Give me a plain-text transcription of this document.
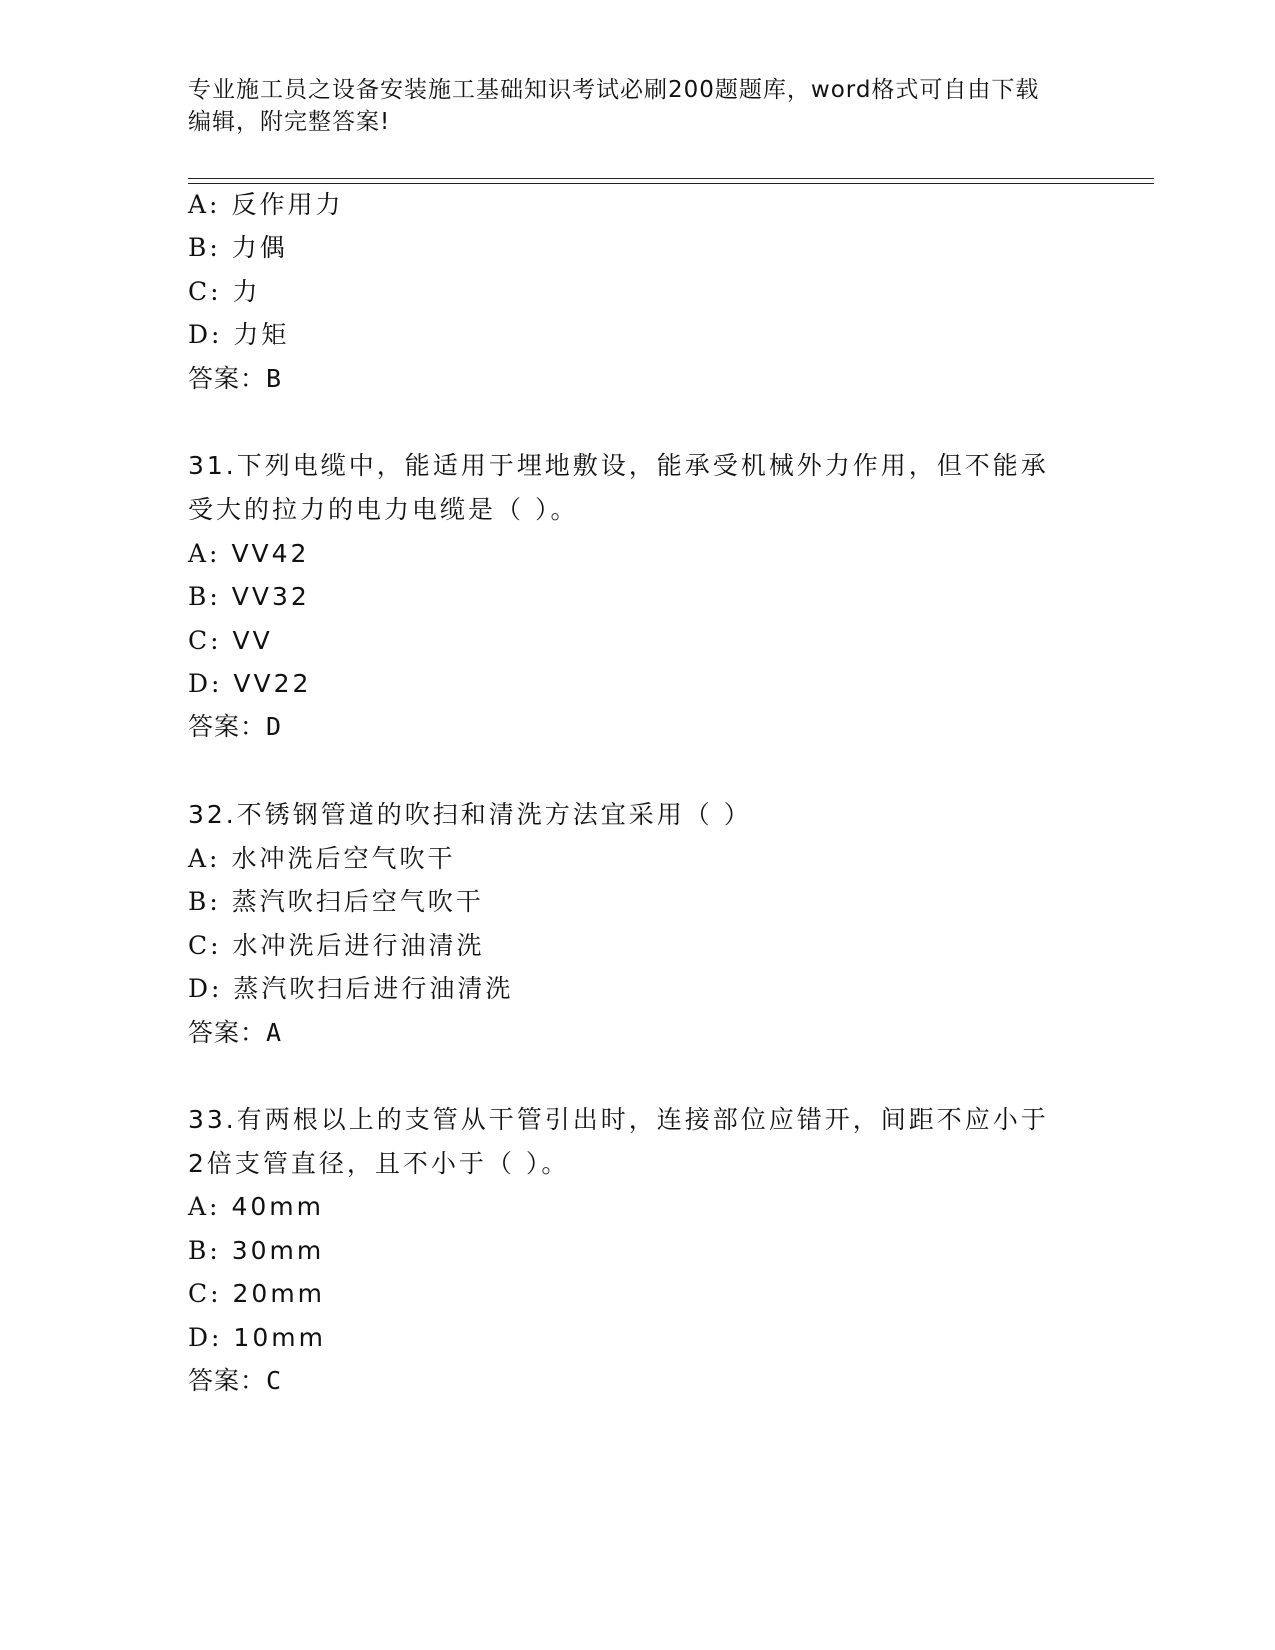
专业施工员之设备安装施工基础知识考试必刷200题题库，word格式可自由下载
编辑，附完整答案!
A: 反作用力
B: 力偶
C: 力
D: 力矩
答案：B
31.下列电缆中，能适用于埋地敷设，能承受机械外力作用，但不能承
受大的拉力的电力电缆是（ ）。
A: VV42
B: VV32
C: VV
D: VV22
答案：D
32.不锈钢管道的吹扫和清洗方法宜采用（ ）
A: 水冲洗后空气吹干
B: 蒸汽吹扫后空气吹干
C: 水冲洗后进行油清洗
D: 蒸汽吹扫后进行油清洗
答案：A
33.有两根以上的支管从干管引出时，连接部位应错开，间距不应小于
2倍支管直径，且不小于（ ）。
A: 40mm
B: 30mm
C: 20mm
D: 10mm
答案：C
